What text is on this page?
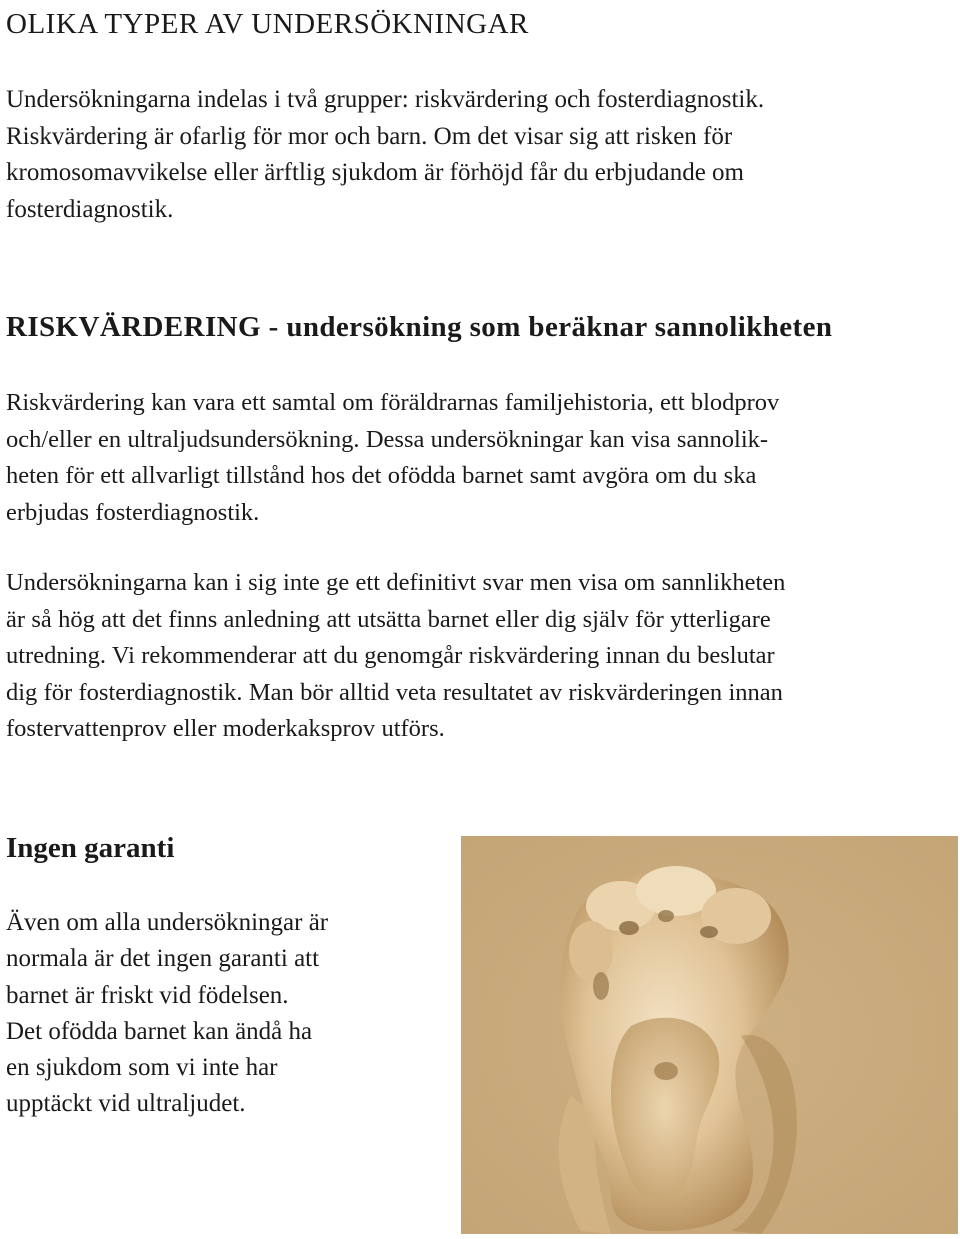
OLIKA TYPER AV UNDERSÖKNINGAR

Undersökningarna indelas i två grupper: riskvärdering och fosterdiagnostik.
Riskvärdering är ofarlig för mor och barn. Om det visar sig att risken för
kromosomavvikelse eller ärftlig sjukdom är förhöjd får du erbjudande om
fosterdiagnostik.

RISKVÄRDERING - undersökning som beräknar sannolikheten

Riskvärdering kan vara ett samtal om föräldrarnas familjehistoria, ett blodprov
och/eller en ultraljudsundersökning. Dessa undersökningar kan visa sannolik-
heten för ett allvarligt tillstånd hos det ofödda barnet samt avgöra om du ska
erbjudas fosterdiagnostik.

Undersökningarna kan i sig inte ge ett definitivt svar men visa om sannlikheten
är så hög att det finns anledning att utsätta barnet eller dig själv för ytterligare
utredning. Vi rekommenderar att du genomgår riskvärdering innan du beslutar
dig för fosterdiagnostik. Man bör alltid veta resultatet av riskvärderingen innan
fostervattenprov eller moderkaksprov utförs.

Ingen garanti

Även om alla undersökningar är
normala är det ingen garanti att
barnet är friskt vid födelsen.
Det ofödda barnet kan ändå ha
en sjukdom som vi inte har
upptäckt vid ultraljudet.
